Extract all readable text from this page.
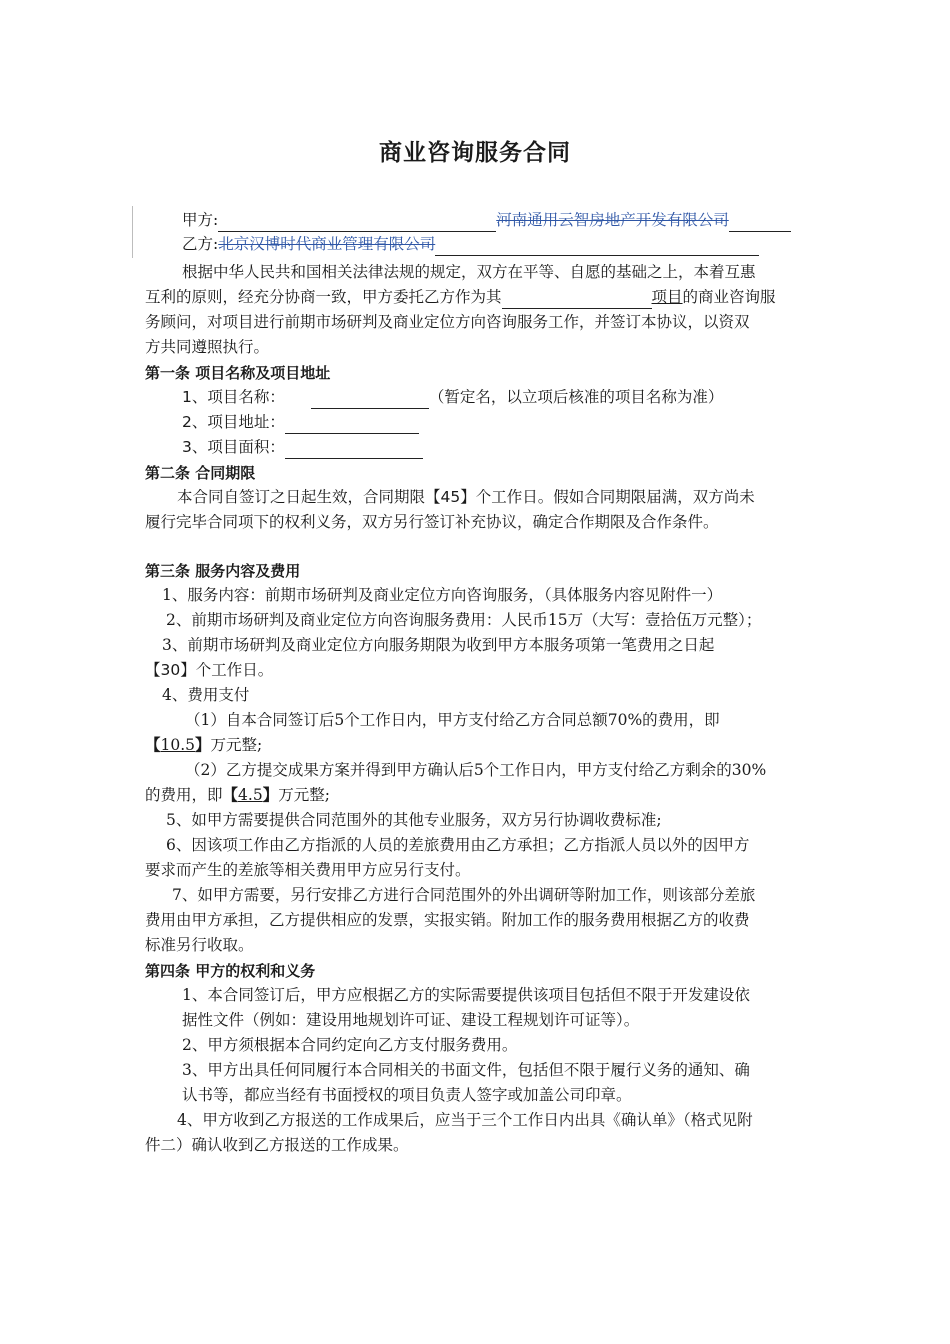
商业咨询服务合同
甲方:	河南通用云智房地产开发有限公司
乙方:北京汉博时代商业管理有限公司
根据中华人民共和国相关法律法规的规定，双方在平等、自愿的基础之上，本着互惠
互利的原则，经充分协商一致，甲方委托乙方作为其	项目的商业咨询服
务顾问，对项目进行前期市场研判及商业定位方向咨询服务工作，并签订本协议，以资双
方共同遵照执行。
第一条 项目名称及项目地址
1、项目名称：	（暂定名，以立项后核准的项目名称为准）
2、项目地址：
3、项目面积：
第二条 合同期限
本合同自签订之日起生效，合同期限【45】个工作日。假如合同期限届满，双方尚未
履行完毕合同项下的权利义务，双方另行签订补充协议，确定合作期限及合作条件。
第三条 服务内容及费用
1、服务内容：前期市场研判及商业定位方向咨询服务，（具体服务内容见附件一）
2、前期市场研判及商业定位方向咨询服务费用：人民币15万（大写：壹拾伍万元整）；
3、前期市场研判及商业定位方向服务期限为收到甲方本服务项第一笔费用之日起
【30】个工作日。
4、费用支付
（1）自本合同签订后5个工作日内，甲方支付给乙方合同总额70%的费用，即
【10.5】万元整;
（2）乙方提交成果方案并得到甲方确认后5个工作日内，甲方支付给乙方剩余的30%
的费用，即【4.5】万元整;
5、如甲方需要提供合同范围外的其他专业服务，双方另行协调收费标准;
6、因该项工作由乙方指派的人员的差旅费用由乙方承担；乙方指派人员以外的因甲方
要求而产生的差旅等相关费用甲方应另行支付。
7、如甲方需要，另行安排乙方进行合同范围外的外出调研等附加工作，则该部分差旅
费用由甲方承担，乙方提供相应的发票，实报实销。附加工作的服务费用根据乙方的收费
标准另行收取。
第四条 甲方的权利和义务
1、本合同签订后，甲方应根据乙方的实际需要提供该项目包括但不限于开发建设依
据性文件（例如：建设用地规划许可证、建设工程规划许可证等）。
2、甲方须根据本合同约定向乙方支付服务费用。
3、甲方出具任何同履行本合同相关的书面文件，包括但不限于履行义务的通知、确
认书等，都应当经有书面授权的项目负责人签字或加盖公司印章。
4、甲方收到乙方报送的工作成果后，应当于三个工作日内出具《确认单》（格式见附
件二）确认收到乙方报送的工作成果。
